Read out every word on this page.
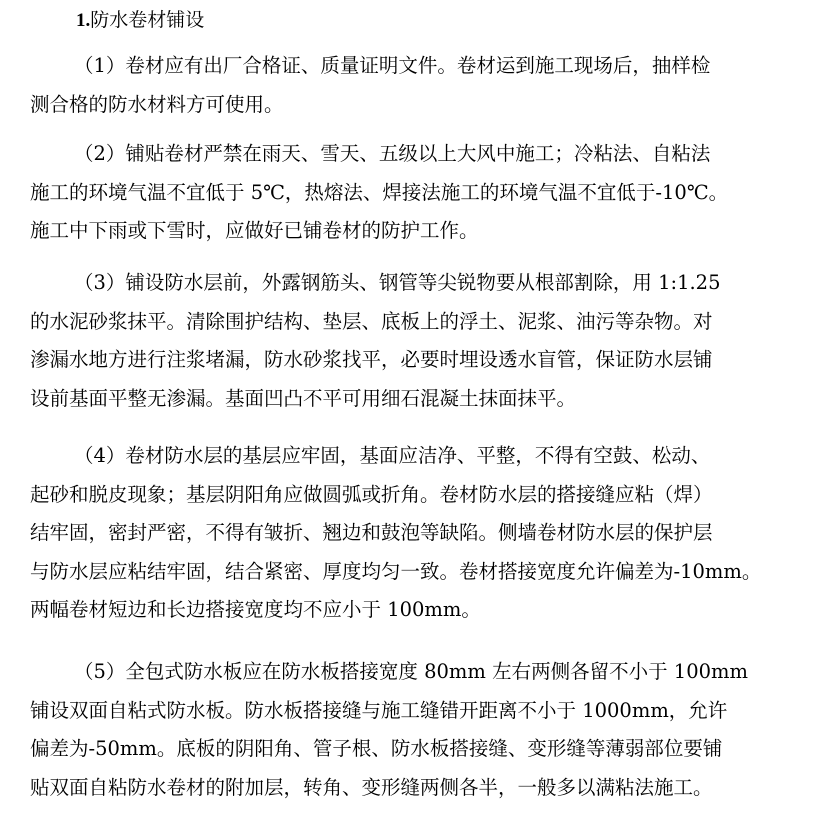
1.防水卷材铺设
（1）卷材应有出厂合格证、质量证明文件。卷材运到施工现场后，抽样检
测合格的防水材料方可使用。
（2）铺贴卷材严禁在雨天、雪天、五级以上大风中施工；冷粘法、自粘法
施工的环境气温不宜低于 5℃，热熔法、焊接法施工的环境气温不宜低于-10℃。
施工中下雨或下雪时，应做好已铺卷材的防护工作。
（3）铺设防水层前，外露钢筋头、钢管等尖锐物要从根部割除，用 1:1.25
的水泥砂浆抹平。清除围护结构、垫层、底板上的浮土、泥浆、油污等杂物。对
渗漏水地方进行注浆堵漏，防水砂浆找平，必要时埋设透水盲管，保证防水层铺
设前基面平整无渗漏。基面凹凸不平可用细石混凝土抹面抹平。
（4）卷材防水层的基层应牢固，基面应洁净、平整，不得有空鼓、松动、
起砂和脱皮现象；基层阴阳角应做圆弧或折角。卷材防水层的搭接缝应粘（焊）
结牢固，密封严密，不得有皱折、翘边和鼓泡等缺陷。侧墙卷材防水层的保护层
与防水层应粘结牢固，结合紧密、厚度均匀一致。卷材搭接宽度允许偏差为-10mm。
两幅卷材短边和长边搭接宽度均不应小于 100mm。
（5）全包式防水板应在防水板搭接宽度 80mm 左右两侧各留不小于 100mm
铺设双面自粘式防水板。防水板搭接缝与施工缝错开距离不小于 1000mm，允许
偏差为-50mm。底板的阴阳角、管子根、防水板搭接缝、变形缝等薄弱部位要铺
贴双面自粘防水卷材的附加层，转角、变形缝两侧各半，一般多以满粘法施工。
